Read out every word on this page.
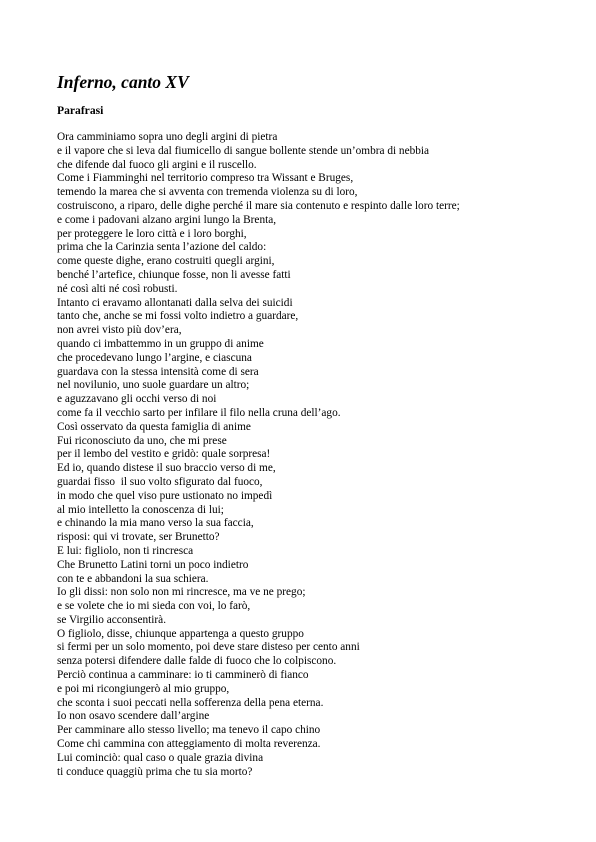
Inferno, canto XV
Parafrasi
Ora camminiamo sopra uno degli argini di pietra
e il vapore che si leva dal fiumicello di sangue bollente stende un’ombra di nebbia
che difende dal fuoco gli argini e il ruscello.
Come i Fiamminghi nel territorio compreso tra Wissant e Bruges,
temendo la marea che si avventa con tremenda violenza su di loro,
costruiscono, a riparo, delle dighe perché il mare sia contenuto e respinto dalle loro terre;
e come i padovani alzano argini lungo la Brenta,
per proteggere le loro città e i loro borghi,
prima che la Carinzia senta l’azione del caldo:
come queste dighe, erano costruiti quegli argini,
benché l’artefice, chiunque fosse, non li avesse fatti
né così alti né così robusti.
Intanto ci eravamo allontanati dalla selva dei suicidi
tanto che, anche se mi fossi volto indietro a guardare,
non avrei visto più dov’era,
quando ci imbattemmo in un gruppo di anime
che procedevano lungo l’argine, e ciascuna
guardava con la stessa intensità come di sera
nel novilunio, uno suole guardare un altro;
e aguzzavano gli occhi verso di noi
come fa il vecchio sarto per infilare il filo nella cruna dell’ago.
Così osservato da questa famiglia di anime
Fui riconosciuto da uno, che mi prese
per il lembo del vestito e gridò: quale sorpresa!
Ed io, quando distese il suo braccio verso di me,
guardai fisso  il suo volto sfigurato dal fuoco,
in modo che quel viso pure ustionato no impedì
al mio intelletto la conoscenza di lui;
e chinando la mia mano verso la sua faccia,
risposi: qui vi trovate, ser Brunetto?
E lui: figliolo, non ti rincresca
Che Brunetto Latini torni un poco indietro
con te e abbandoni la sua schiera.
Io gli dissi: non solo non mi rincresce, ma ve ne prego;
e se volete che io mi sieda con voi, lo farò,
se Virgilio acconsentirà.
O figliolo, disse, chiunque appartenga a questo gruppo
si fermi per un solo momento, poi deve stare disteso per cento anni
senza potersi difendere dalle falde di fuoco che lo colpiscono.
Perciò continua a camminare: io ti camminerò di fianco
e poi mi ricongiungerò al mio gruppo,
che sconta i suoi peccati nella sofferenza della pena eterna.
Io non osavo scendere dall’argine
Per camminare allo stesso livello; ma tenevo il capo chino
Come chi cammina con atteggiamento di molta reverenza.
Lui cominciò: qual caso o quale grazia divina
ti conduce quaggiù prima che tu sia morto?
